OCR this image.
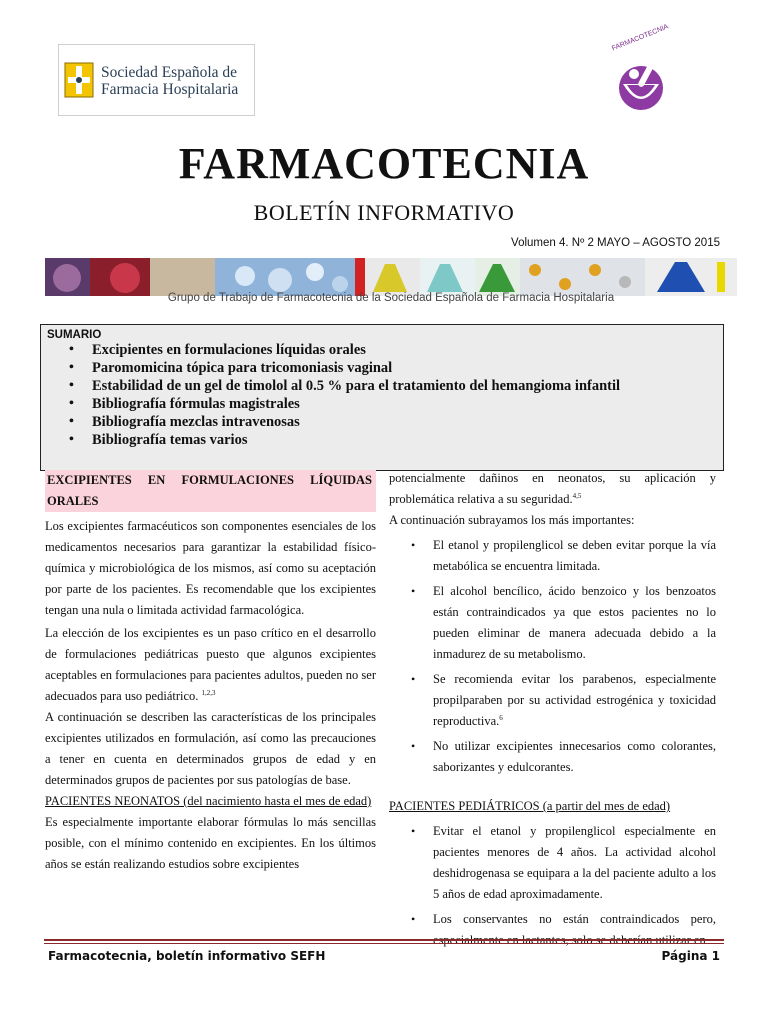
Sociedad Española de
Farmacia Hospitalaria
FARMACOTECNIA
FARMACOTECNIA
BOLETÍN INFORMATIVO
Volumen 4. Nº 2 MAYO – AGOSTO 2015
Grupo de Trabajo de Farmacotecnia de la Sociedad Española de Farmacia Hospitalaria
SUMARIO
• Excipientes en formulaciones líquidas orales
• Paromomicina tópica para tricomoniasis vaginal
• Estabilidad de un gel de timolol al 0.5 % para el tratamiento del hemangioma infantil
• Bibliografía fórmulas magistrales
• Bibliografía mezclas intravenosas
• Bibliografía temas varios
EXCIPIENTES EN FORMULACIONES LÍQUIDAS
ORALES

Los excipientes farmacéuticos son componentes esenciales de los medicamentos necesarios para garantizar la estabilidad físico-química y microbiológica de los mismos, así como su aceptación por parte de los pacientes. Es recomendable que los excipientes tengan una nula o limitada actividad farmacológica.

La elección de los excipientes es un paso crítico en el desarrollo de formulaciones pediátricas puesto que algunos excipientes aceptables en formulaciones para pacientes adultos, pueden no ser adecuados para uso pediátrico. $^{1,2,3}$

A continuación se describen las características de los principales excipientes utilizados en formulación, así como las precauciones a tener en cuenta en determinados grupos de edad y en determinados grupos de pacientes por sus patologías de base.

PACIENTES NEONATOS (del nacimiento hasta el mes de edad)

Es especialmente importante elaborar fórmulas lo más sencillas posible, con el mínimo contenido en excipientes. En los últimos años se están realizando estudios sobre excipientes

potencialmente dañinos en neonatos, su aplicación y problemática relativa a su seguridad.$^{4,5}$

A continuación subrayamos los más importantes:

• El etanol y propilenglicol se deben evitar porque la vía metabólica se encuentra limitada.

• El alcohol bencílico, ácido benzoico y los benzoatos están contraindicados ya que estos pacientes no lo pueden eliminar de manera adecuada debido a la inmadurez de su metabolismo.

• Se recomienda evitar los parabenos, especialmente propilparaben por su actividad estrogénica y toxicidad reproductiva.$^6$

• No utilizar excipientes innecesarios como colorantes, saborizantes y edulcorantes.

PACIENTES PEDIÁTRICOS (a partir del mes de edad)

• Evitar el etanol y propilenglicol especialmente en pacientes menores de 4 años. La actividad alcohol deshidrogenasa se equipara a la del paciente adulto a los 5 años de edad aproximadamente.

• Los conservantes no están contraindicados pero,

Farmacotecnia, boletín informativo SEFH	Página 1
